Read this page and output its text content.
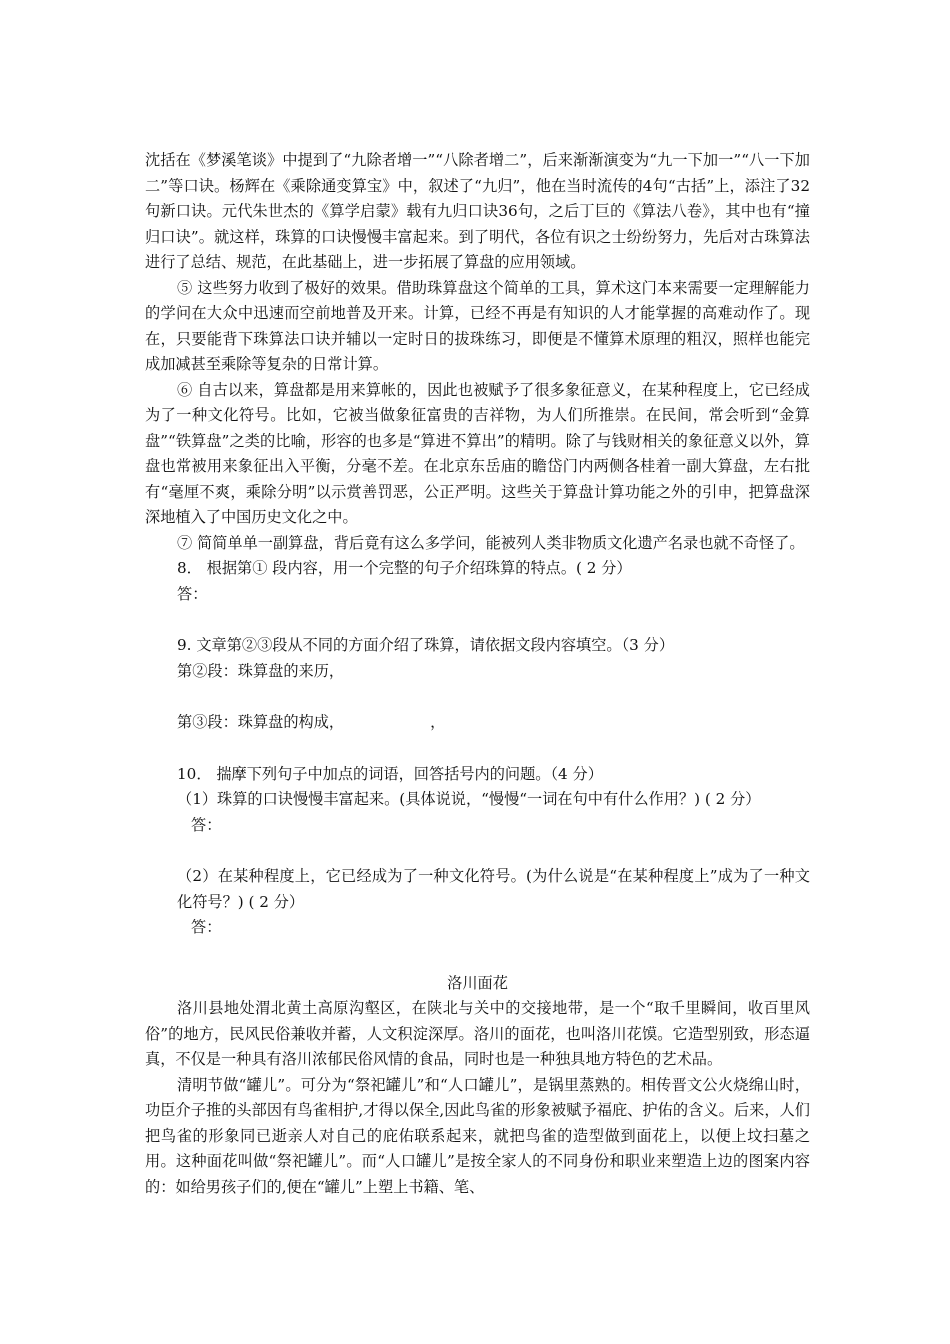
沈括在《梦溪笔谈》中提到了“九除者增一”“八除者增二”，后来渐渐演变为“九一下加一”“八一下加二”等口诀。杨辉在《乘除通变算宝》中，叙述了“九归”，他在当时流传的4句“古括”上，添注了32句新口诀。元代朱世杰的《算学启蒙》载有九归口诀36句，之后丁巨的《算法八卷》，其中也有“撞归口诀”。就这样，珠算的口诀慢慢丰富起来。到了明代，各位有识之士纷纷努力，先后对古珠算法进行了总结、规范，在此基础上，进一步拓展了算盘的应用领域。

⑤ 这些努力收到了极好的效果。借助珠算盘这个简单的工具，算术这门本来需要一定理解能力的学问在大众中迅速而空前地普及开来。计算，已经不再是有知识的人才能掌握的高难动作了。现在，只要能背下珠算法口诀并辅以一定时日的拔珠练习，即便是不懂算术原理的粗汉，照样也能完成加减甚至乘除等复杂的日常计算。

⑥ 自古以来，算盘都是用来算帐的，因此也被赋予了很多象征意义，在某种程度上，它已经成为了一种文化符号。比如，它被当做象征富贵的吉祥物，为人们所推崇。在民间，常会听到“金算盘”“铁算盘”之类的比喻，形容的也多是“算进不算出”的精明。除了与钱财相关的象征意义以外，算盘也常被用来象征出入平衡，分毫不差。在北京东岳庙的瞻岱门内两侧各桂着一副大算盘，左右批有“毫厘不爽，乘除分明”以示赏善罚恶，公正严明。这些关于算盘计算功能之外的引申，把算盘深深地植入了中国历史文化之中。

⑦ 简简单单一副算盘，背后竟有这么多学问，能被列人类非物质文化遗产名录也就不奇怪了。

8． 根据第① 段内容，用一个完整的句子介绍珠算的特点。( 2 分）

答：

9. 文章第②③段从不同的方面介绍了珠算，请依据文段内容填空。（3 分）

第②段：珠算盘的来历，

第③段：珠算盘的构成，	，

10． 揣摩下列句子中加点的词语，回答括号内的问题。（4 分）

（1）珠算的口诀慢慢丰富起来。(具体说说，“慢慢“一词在句中有什么作用？) ( 2 分）

答：

（2）在某种程度上，它已经成为了一种文化符号。(为什么说是“在某种程度上”成为了一种文化符号？) ( 2 分）

答：

洛川面花

洛川县地处渭北黄土高原沟壑区，在陕北与关中的交接地带，是一个“取千里瞬间，收百里风俗”的地方，民风民俗兼收并蓄，人文积淀深厚。洛川的面花，也叫洛川花馍。它造型别致，形态逼真，不仅是一种具有洛川浓郁民俗风情的食品，同时也是一种独具地方特色的艺术品。

清明节做“罐儿”。可分为“祭祀罐儿”和“人口罐儿”，是锅里蒸熟的。相传晋文公火烧绵山时，功臣介子推的头部因有鸟雀相护,才得以保全,因此鸟雀的形象被赋予福庇、护佑的含义。后来，人们把鸟雀的形象同已逝亲人对自己的庇佑联系起来，就把鸟雀的造型做到面花上，以便上坟扫墓之用。这种面花叫做“祭祀罐儿”。而“人口罐儿”是按全家人的不同身份和职业来塑造上边的图案内容的：如给男孩子们的,便在“罐儿”上塑上书籍、笔、
